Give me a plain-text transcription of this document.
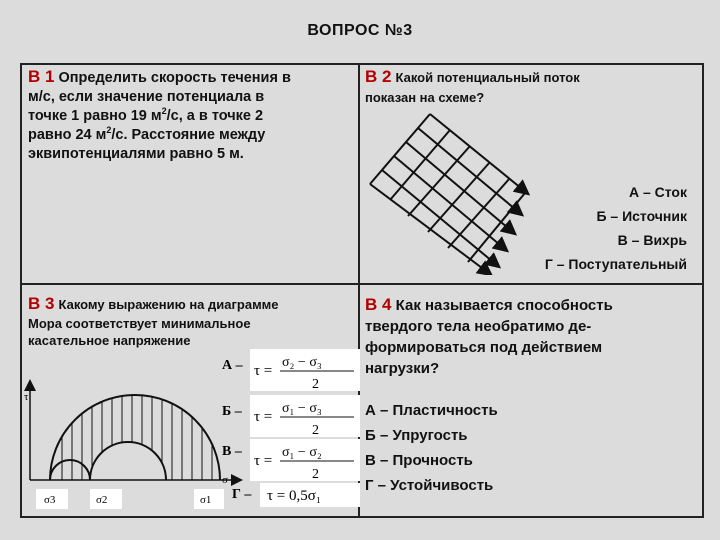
ВОПРОС №3
В 1 Определить скорость течения в
м/с, если значение потенциала в
точке 1 равно 19 $м^2/с$, а в точке 2
равно 24 $м^2/с$. Расстояние между
эквипотенциалями равно 5 м.
В 2 Какой потенциальный поток
показан на схеме?
А – Сток
Б – Источник
В – Вихрь
Г – Поступательный
В 3 Какому выражению на диаграмме
Мора соответствует минимальное
касательное напряжение
τ
σ
σ3	σ2	σ1
А – τ =
σ₂ − σ₃
2
Б – τ =
σ₁ − σ₃
2
В –
τ =
σ₁ − σ₂
2
Г – τ = 0,5σ₁
В 4 Как называется способность
твердого тела необратимо де-
формироваться под действием
нагрузки?
А – Пластичность
Б – Упругость
В – Прочность
Г – Устойчивость
